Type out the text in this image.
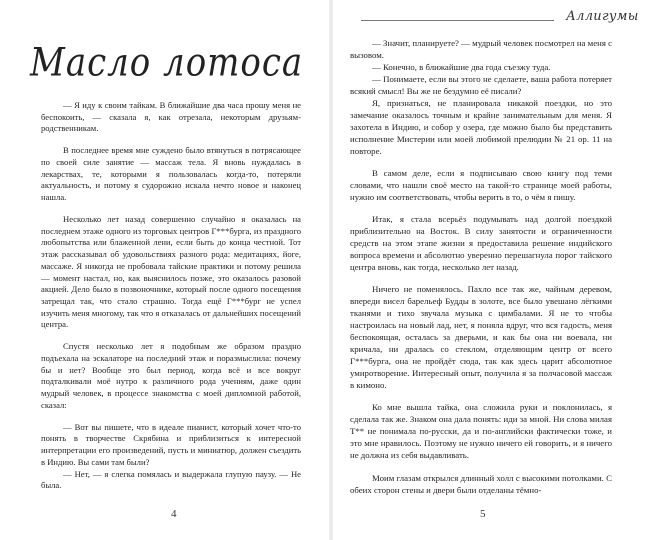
Масло лотоса

— Я иду к своим тайкам. В ближайшие два часа прошу меня не беспокоить, — сказала я, как отрезала, некоторым друзьям-родственникам.

В последнее время мне суждено было втянуться в потрясающее по своей силе занятие — массаж тела. Я вновь нуждалась в лекарствах, те, которыми я пользовалась когда-то, потеряли актуальность, и потому я судорожно искала нечто новое и наконец нашла.

Несколько лет назад совершенно случайно я оказалась на последнем этаже одного из торговых центров Г***бурга, из праздного любопытства или блаженной лени, если быть до конца честной. Тот этаж рассказывал об удовольствиях разного рода: медитациях, йоге, массаже. Я никогда не пробовала тайские практики и потому решила — момент настал, но, как выяснилось позже, это оказалось разовой акцией. Дело было в позвоночнике, который после одного посещения затрещал так, что стало страшно. Тогда ещё Г***бург не успел изучить меня многому, так что я отказалась от дальнейших посещений центра.

Спустя несколько лет я подобным же образом праздно подъехала на эскалаторе на последний этаж и поразмыслила: почему бы и нет? Вообще это был период, когда всё и все вокруг подталкивали моё нутро к различного рода учениям, даже один мудрый человек, в процессе знакомства с моей дипломной работой, сказал:

— Вот вы пишете, что в идеале пианист, который хочет что-то понять в творчестве Скрябина и приблизиться к интересной интерпретации его произведений, пусть и миниатюр, должен съездить в Индию. Вы сами там были?

— Нет, — я слегка помялась и выдержала глупую паузу. — Не была.

4
Аллигумы

— Значит, планируете? — мудрый человек посмотрел на меня с вызовом.

— Конечно, в ближайшие два года съезжу туда.

— Понимаете, если вы этого не сделаете, ваша работа потеряет всякий смысл! Вы же не бездумно её писали?

Я, признаться, не планировала никакой поездки, но это замечание оказалось точным и крайне занимательным для меня. Я захотела в Индию, и собор у озера, где можно было бы представить исполнение Мистерии или моей любимой прелюдии № 21 ор. 11 на повторе.

В самом деле, если я подписываю свою книгу под теми словами, что нашли своё место на такой-то странице моей работы, нужно им соответствовать, чтобы верить в то, о чём я пишу.

Итак, я стала всерьёз подумывать над долгой поездкой приблизительно на Восток. В силу занятости и ограниченности средств на этом этапе жизни я предоставила решение индийского вопроса времени и абсолютно уверенно перешагнула порог тайского центра вновь, как тогда, несколько лет назад.

Ничего не поменялось. Пахло все так же, чайным деревом, впереди висел барельеф Будды в золоте, все было увешано лёгкими тканями и тихо звучала музыка с цимбалами. Я не то чтобы настроилась на новый лад, нет, я поняла вдруг, что вся гадость, меня беспокоящая, осталась за дверьми, и как бы она ни воевала, ни кричала, ни дралась со стеклом, отделяющим центр от всего Г***бурга, она не пройдёт сюда, так как здесь царит абсолютное умиротворение. Интересный опыт, получила я за полчасовой массаж в кимоно.

Ко мне вышла тайка, она сложила руки и поклонилась, я сделала так же. Знаком она дала понять: иди за мной. Ни слова милая Т** не понимала по-русски, да и по-английски фактически тоже, и это мне нравилось. Поэтому не нужно ничего ей говорить, и я ничего не должна из себя выдавливать.

Моим глазам открылся длинный холл с высокими потолками. С обеих сторон стены и двери были отделаны тёмно-

5
